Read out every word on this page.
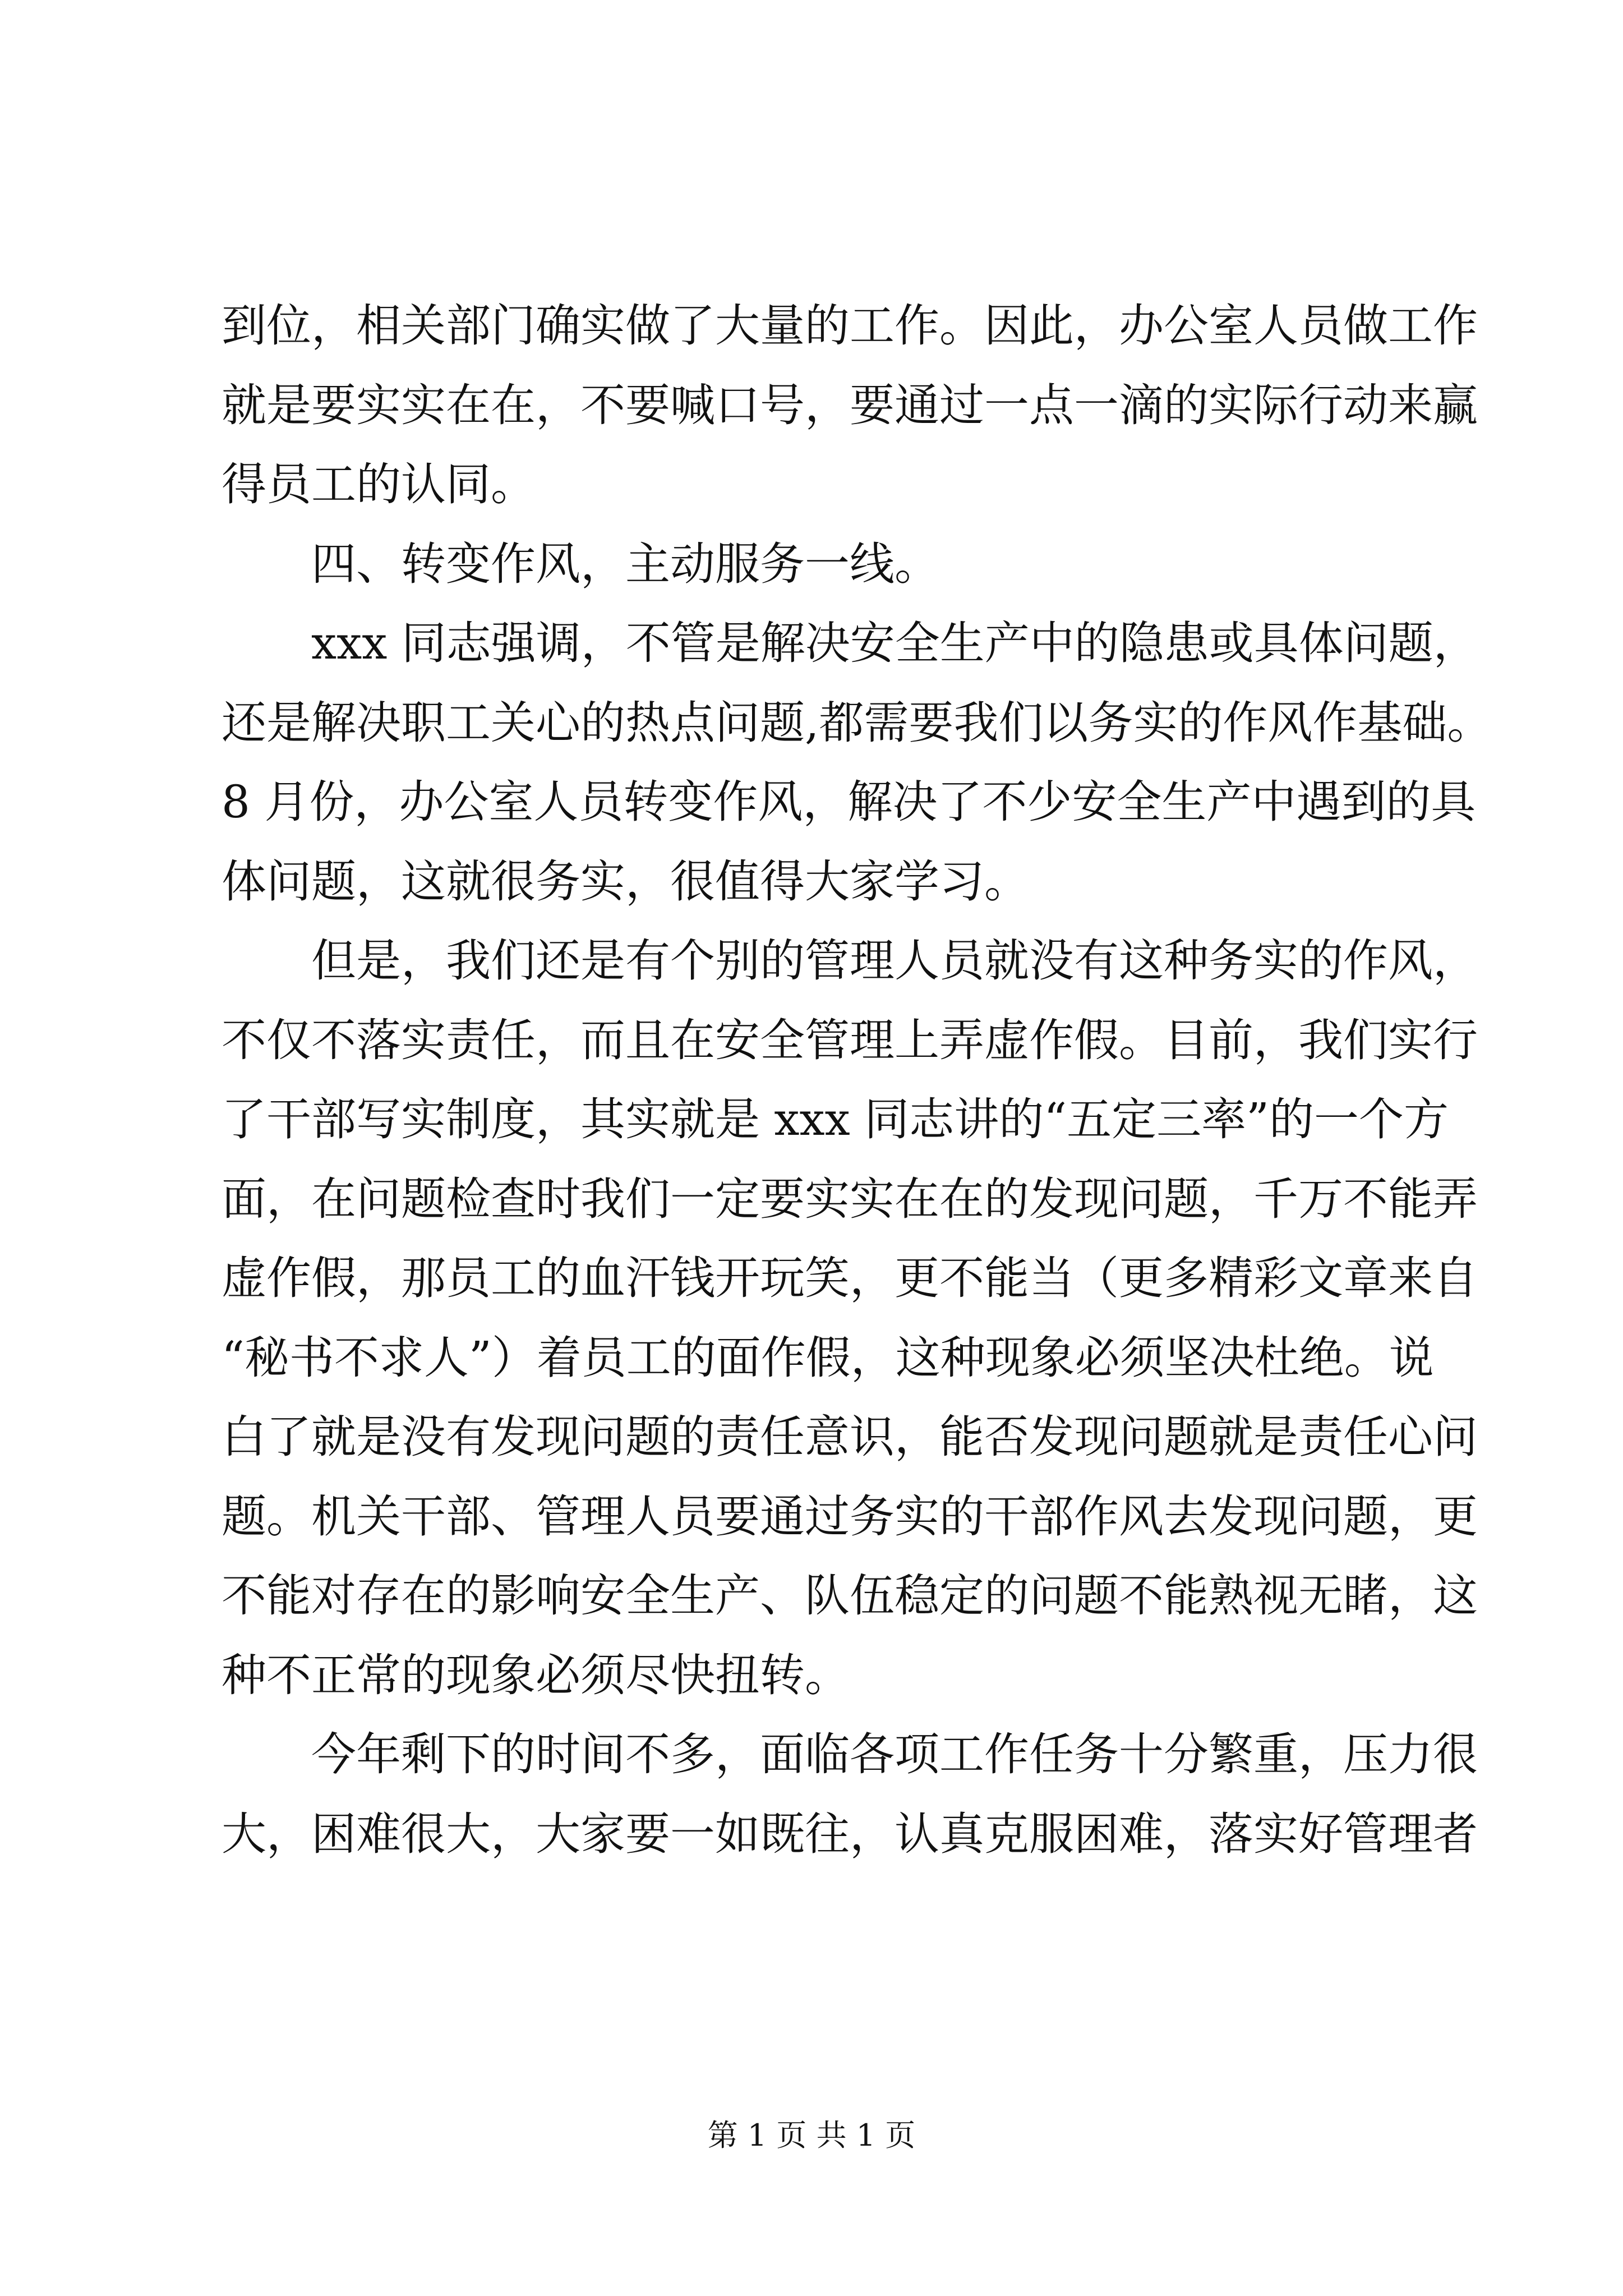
到位，相关部门确实做了大量的工作。因此，办公室人员做工作
就是要实实在在，不要喊口号，要通过一点一滴的实际行动来赢
得员工的认同。

四、转变作风，主动服务一线。

xxx 同志强调，不管是解决安全生产中的隐患或具体问题，
还是解决职工关心的热点问题,都需要我们以务实的作风作基础。
8 月份，办公室人员转变作风，解决了不少安全生产中遇到的具
体问题，这就很务实，很值得大家学习。

但是，我们还是有个别的管理人员就没有这种务实的作风，
不仅不落实责任，而且在安全管理上弄虚作假。目前，我们实行
了干部写实制度，其实就是 xxx 同志讲的“五定三率”的一个方
面，在问题检查时我们一定要实实在在的发现问题，千万不能弄
虚作假，那员工的血汗钱开玩笑，更不能当（更多精彩文章来自
“秘书不求人”）着员工的面作假，这种现象必须坚决杜绝。说
白了就是没有发现问题的责任意识，能否发现问题就是责任心问
题。机关干部、管理人员要通过务实的干部作风去发现问题，更
不能对存在的影响安全生产、队伍稳定的问题不能熟视无睹，这
种不正常的现象必须尽快扭转。

今年剩下的时间不多，面临各项工作任务十分繁重，压力很
大，困难很大，大家要一如既往，认真克服困难，落实好管理者

第 1 页 共 1 页
